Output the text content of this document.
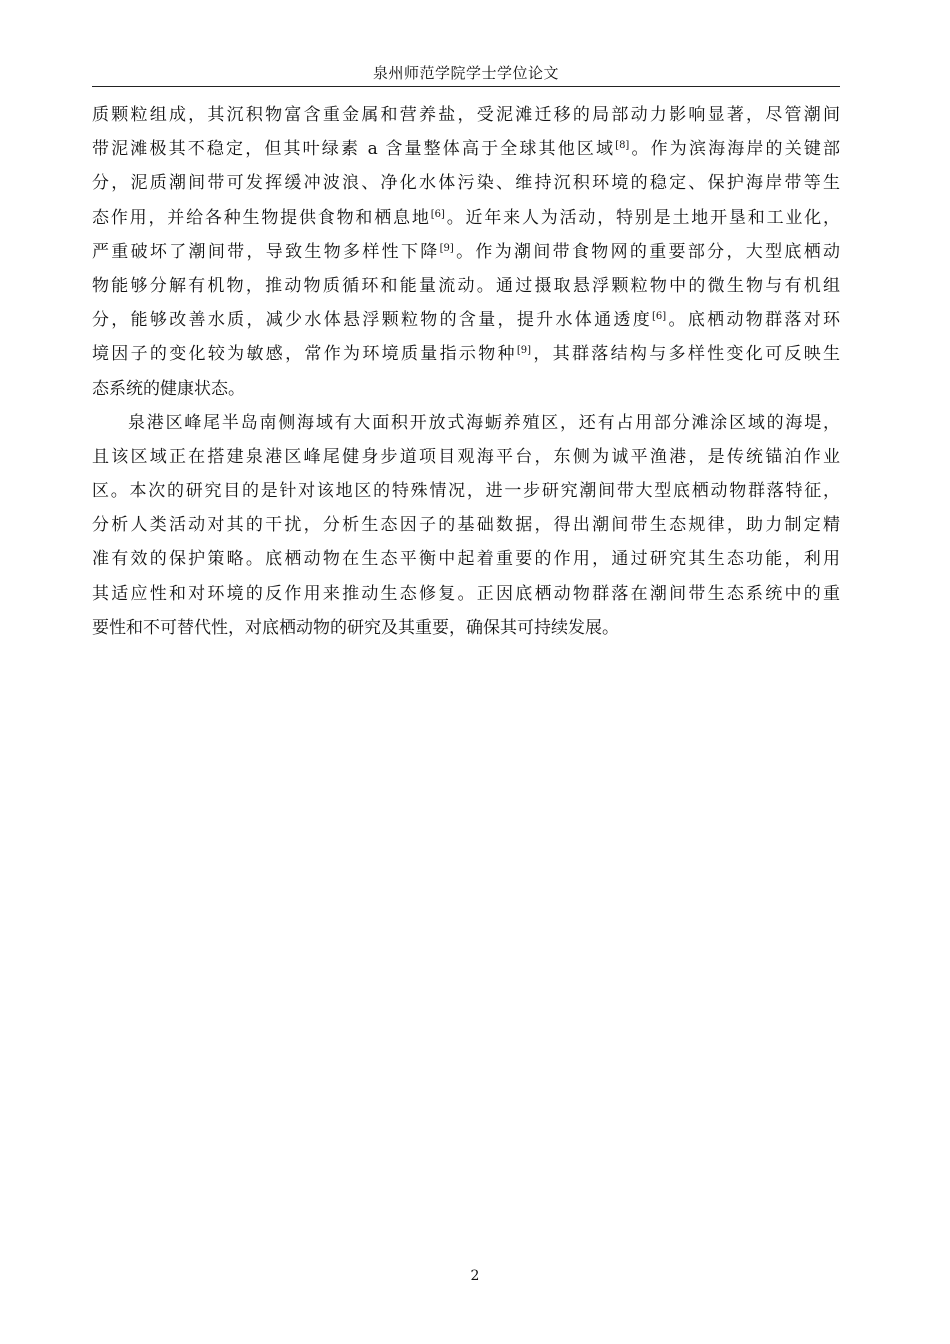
泉州师范学院学士学位论文
质颗粒组成，其沉积物富含重金属和营养盐，受泥滩迁移的局部动力影响显著，尽管潮间
带泥滩极其不稳定，但其叶绿素 a 含量整体高于全球其他区域[8]。作为滨海海岸的关键部
分，泥质潮间带可发挥缓冲波浪、净化水体污染、维持沉积环境的稳定、保护海岸带等生
态作用，并给各种生物提供食物和栖息地[6]。近年来人为活动，特别是土地开垦和工业化，
严重破坏了潮间带，导致生物多样性下降[9]。作为潮间带食物网的重要部分，大型底栖动
物能够分解有机物，推动物质循环和能量流动。通过摄取悬浮颗粒物中的微生物与有机组
分，能够改善水质，减少水体悬浮颗粒物的含量，提升水体通透度[6]。底栖动物群落对环
境因子的变化较为敏感，常作为环境质量指示物种[9]，其群落结构与多样性变化可反映生
态系统的健康状态。
泉港区峰尾半岛南侧海域有大面积开放式海蛎养殖区，还有占用部分滩涂区域的海堤，
且该区域正在搭建泉港区峰尾健身步道项目观海平台，东侧为诚平渔港，是传统锚泊作业
区。本次的研究目的是针对该地区的特殊情况，进一步研究潮间带大型底栖动物群落特征，
分析人类活动对其的干扰，分析生态因子的基础数据，得出潮间带生态规律，助力制定精
准有效的保护策略。底栖动物在生态平衡中起着重要的作用，通过研究其生态功能，利用
其适应性和对环境的反作用来推动生态修复。正因底栖动物群落在潮间带生态系统中的重
要性和不可替代性，对底栖动物的研究及其重要，确保其可持续发展。
2
